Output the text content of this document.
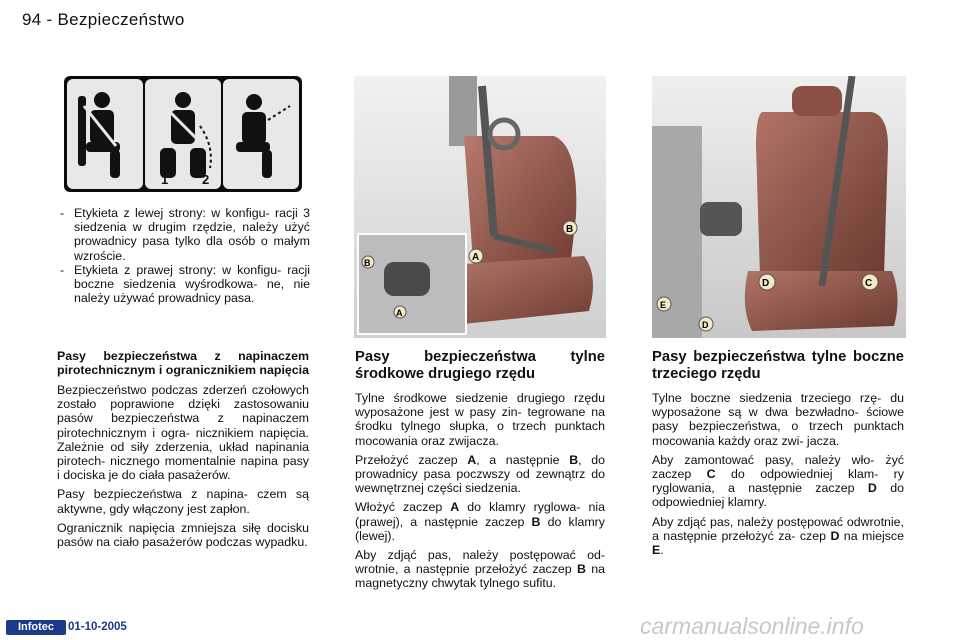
94 - Bezpieczeństwo
1	2
- Etykieta z lewej strony: w konfigu- racji 3 siedzenia w drugim rzędzie, należy użyć prowadnicy pasa tylko dla osób o małym wzroście.
- Etykieta z prawej strony: w konfigu- racji boczne siedzenia wyśrodkowa- ne, nie należy używać prowadnicy pasa.
A
B
B
A
D	C
E
D
Pasy bezpieczeństwa z napinaczem pirotechnicznym i ogranicznikiem napięcia

Bezpieczeństwo podczas zderzeń czołowych zostało poprawione dzięki zastosowaniu pasów bezpieczeństwa z napinaczem pirotechnicznym i ogra- nicznikiem napięcia. Zależnie od siły zderzenia, układ napinania pirotech- nicznego momentalnie napina pasy i dociska je do ciała pasażerów.

Pasy bezpieczeństwa z napina- czem są aktywne, gdy włączony jest zapłon.

Ogranicznik napięcia zmniejsza siłę docisku pasów na ciało pasażerów podczas wypadku.

Pasy bezpieczeństwa tylne środkowe drugiego rzędu

Tylne środkowe siedzenie drugiego rzędu wyposażone jest w pasy zin- tegrowane na środku tylnego słupka, o trzech punktach mocowania oraz zwijacza.

Przełożyć zaczep A, a następnie B, do prowadnicy pasa poczwszy od zewnątrz do wewnętrznej części siedzenia.

Włożyć zaczep A do klamry ryglowa- nia (prawej), a następnie zaczep B do klamry (lewej).

Aby zdjąć pas, należy postępować od- wrotnie, a następnie przełożyć zaczep B na magnetyczny chwytak tylnego sufitu.

Pasy bezpieczeństwa tylne boczne trzeciego rzędu

Tylne boczne siedzenia trzeciego rzę- du wyposażone są w dwa bezwładno- ściowe pasy bezpieczeństwa, o trzech punktach mocowania każdy oraz zwi- jacza.

Aby zamontować pasy, należy wło- żyć zaczep C do odpowiedniej klam- ry ryglowania, a następnie zaczep D do odpowiedniej klamry.

Aby zdjąć pas, należy postępować odwrotnie, a następnie przełożyć za- czep D na miejsce E.

Infotec	01-10-2005	carmanualsonline.info
